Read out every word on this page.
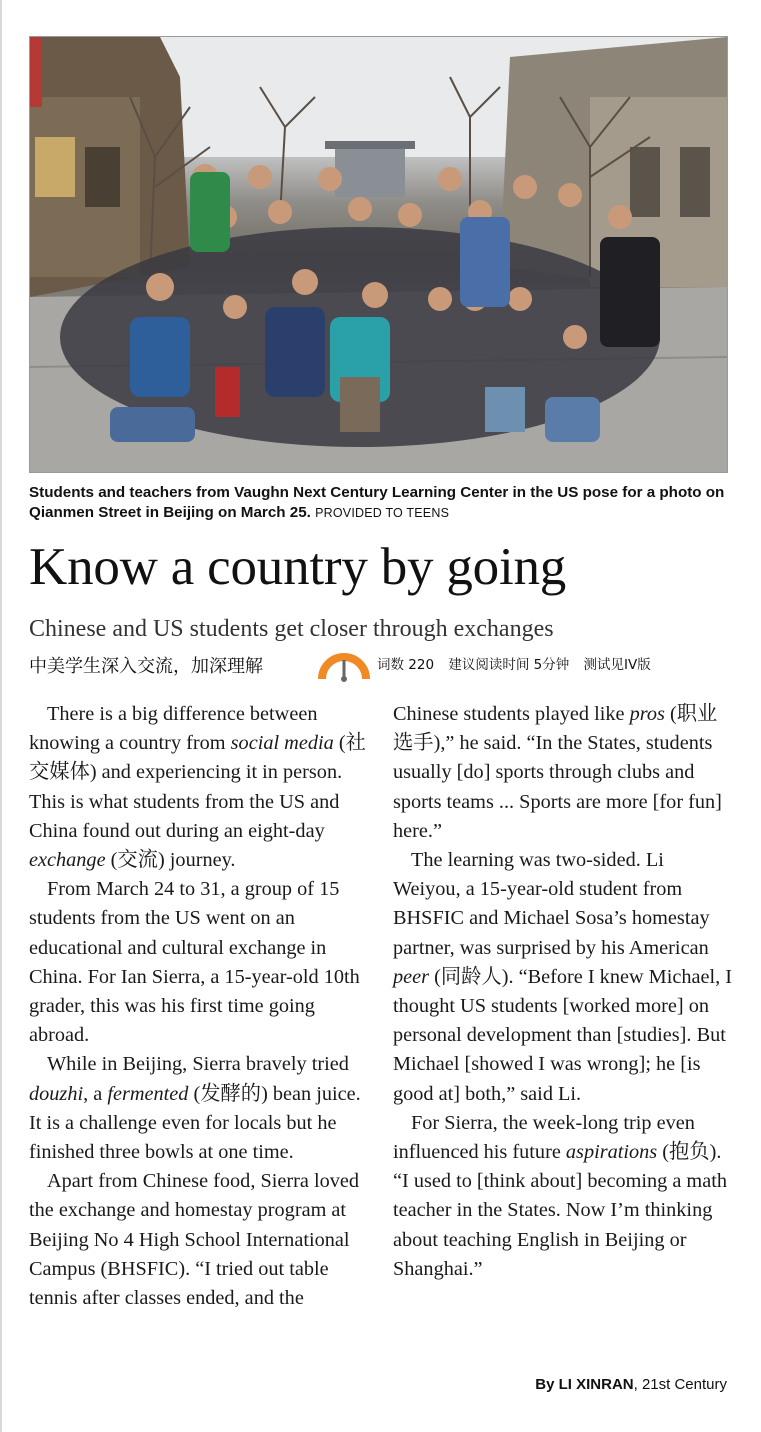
Students and teachers from Vaughn Next Century Learning Center in the US pose for a photo on Qianmen Street in Beijing on March 25. PROVIDED TO TEENS
Know a country by going
Chinese and US students get closer through exchanges
中美学生深入交流，加深理解	词数 220 建议阅读时间 5分钟 测试见IV版

There is a big difference between knowing a country from social media (社交媒体) and experiencing it in person. This is what students from the US and China found out during an eight-day exchange (交流) journey.

From March 24 to 31, a group of 15 students from the US went on an educational and cultural exchange in China. For Ian Sierra, a 15-year-old 10th grader, this was his first time going abroad.

While in Beijing, Sierra bravely tried douzhi, a fermented (发酵的) bean juice. It is a challenge even for locals but he finished three bowls at one time.

Apart from Chinese food, Sierra loved the exchange and homestay program at Beijing No 4 High School International Campus (BHSFIC). “I tried out table tennis after classes ended, and the

Chinese students played like pros (职业选手),” he said. “In the States, students usually [do] sports through clubs and sports teams ... Sports are more [for fun] here.”

The learning was two-sided. Li Weiyou, a 15-year-old student from BHSFIC and Michael Sosa’s homestay partner, was surprised by his American peer (同龄人). “Before I knew Michael, I thought US students [worked more] on personal development than [studies]. But Michael [showed I was wrong]; he [is good at] both,” said Li.

For Sierra, the week-long trip even influenced his future aspirations (抱负). “I used to [think about] becoming a math teacher in the States. Now I’m thinking about teaching English in Beijing or Shanghai.”

By LI XINRAN, 21st Century
